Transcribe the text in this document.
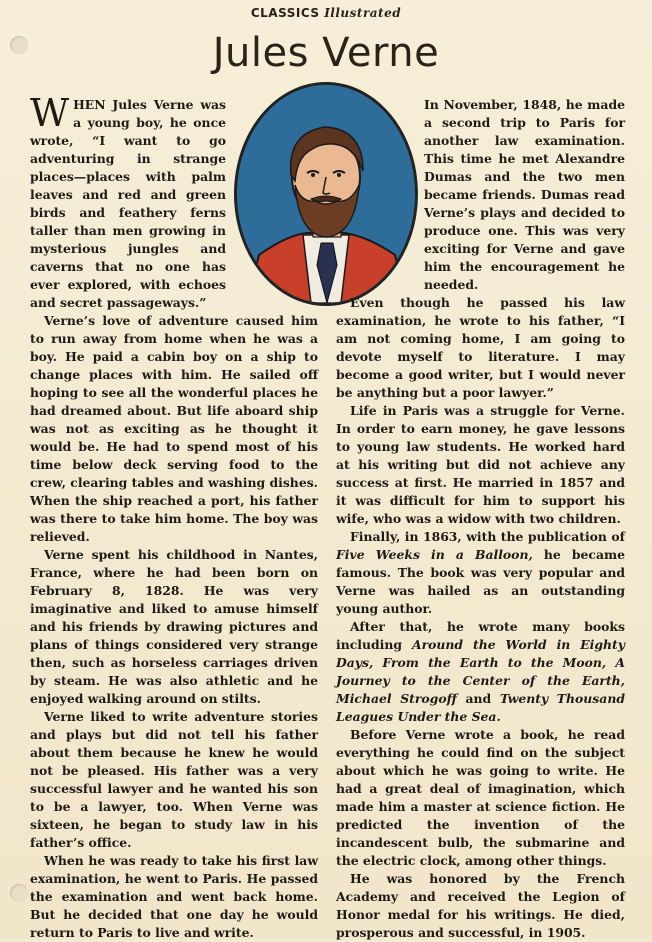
CLASSICS Illustrated
Jules Verne

W HEN Jules Verne was a young boy, he once wrote, “I want to go adventuring in strange places—places with palm leaves and red and green birds and feathery ferns taller than men growing in mysterious jungles and caverns that no one has ever explored, with echoes and secret passageways.”

Verne’s love of adventure caused him to run away from home when he was a boy. He paid a cabin boy on a ship to change places with him. He sailed off hoping to see all the wonderful places he had dreamed about. But life aboard ship was not as exciting as he thought it would be. He had to spend most of his time below deck serving food to the crew, clearing tables and washing dishes. When the ship reached a port, his father was there to take him home. The boy was relieved.

Verne spent his childhood in Nantes, France, where he had been born on February 8, 1828. He was very imaginative and liked to amuse himself and his friends by drawing pictures and plans of things considered very strange then, such as horseless carriages driven by steam. He was also athletic and he enjoyed walking around on stilts.

Verne liked to write adventure stories and plays but did not tell his father about them because he knew he would not be pleased. His father was a very successful lawyer and he wanted his son to be a lawyer, too. When Verne was sixteen, he began to study law in his father’s office.

When he was ready to take his first law examination, he went to Paris. He passed the examination and went back home. But he decided that one day he would return to Paris to live and write.

In November, 1848, he made a second trip to Paris for another law examination. This time he met Alexandre Dumas and the two men became friends. Dumas read Verne’s plays and decided to produce one. This was very exciting for Verne and gave him the encouragement he needed.

Even though he passed his law examination, he wrote to his father, “I am not coming home, I am going to devote myself to literature. I may become a good writer, but I would never be anything but a poor lawyer.”

Life in Paris was a struggle for Verne. In order to earn money, he gave lessons to young law students. He worked hard at his writing but did not achieve any success at first. He married in 1857 and it was difficult for him to support his wife, who was a widow with two children.

Finally, in 1863, with the publication of Five Weeks in a Balloon, he became famous. The book was very popular and Verne was hailed as an outstanding young author.

After that, he wrote many books including Around the World in Eighty Days, From the Earth to the Moon, A Journey to the Center of the Earth, Michael Strogoff and Twenty Thousand Leagues Under the Sea.

Before Verne wrote a book, he read everything he could find on the subject about which he was going to write. He had a great deal of imagination, which made him a master at science fiction. He predicted the invention of the incandescent bulb, the submarine and the electric clock, among other things.

He was honored by the French Academy and received the Legion of Honor medal for his writings. He died, prosperous and successful, in 1905.
